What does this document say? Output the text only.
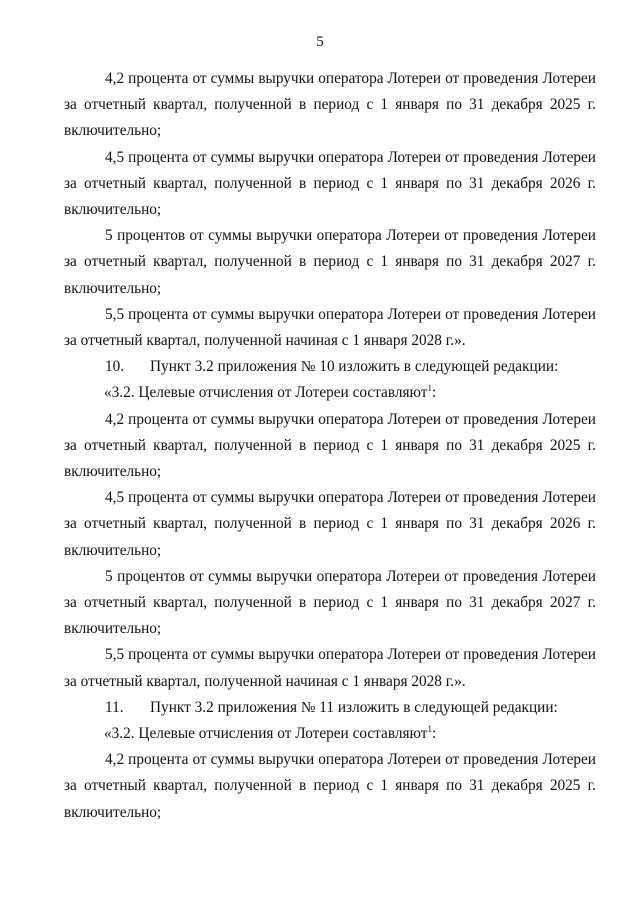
5

4,2 процента от суммы выручки оператора Лотереи от проведения Лотереи за отчетный квартал, полученной в период с 1 января по 31 декабря 2025 г. включительно;

4,5 процента от суммы выручки оператора Лотереи от проведения Лотереи за отчетный квартал, полученной в период с 1 января по 31 декабря 2026 г. включительно;

5 процентов от суммы выручки оператора Лотереи от проведения Лотереи за отчетный квартал, полученной в период с 1 января по 31 декабря 2027 г. включительно;

5,5 процента от суммы выручки оператора Лотереи от проведения Лотереи за отчетный квартал, полученной начиная с 1 января 2028 г.».

10. Пункт 3.2 приложения № 10 изложить в следующей редакции:

«3.2. Целевые отчисления от Лотереи составляют$^1$:

4,2 процента от суммы выручки оператора Лотереи от проведения Лотереи за отчетный квартал, полученной в период с 1 января по 31 декабря 2025 г. включительно;

4,5 процента от суммы выручки оператора Лотереи от проведения Лотереи за отчетный квартал, полученной в период с 1 января по 31 декабря 2026 г. включительно;

5 процентов от суммы выручки оператора Лотереи от проведения Лотереи за отчетный квартал, полученной в период с 1 января по 31 декабря 2027 г. включительно;

5,5 процента от суммы выручки оператора Лотереи от проведения Лотереи за отчетный квартал, полученной начиная с 1 января 2028 г.».

11. Пункт 3.2 приложения № 11 изложить в следующей редакции:

«3.2. Целевые отчисления от Лотереи составляют$^1$:

4,2 процента от суммы выручки оператора Лотереи от проведения Лотереи за отчетный квартал, полученной в период с 1 января по 31 декабря 2025 г. включительно;
